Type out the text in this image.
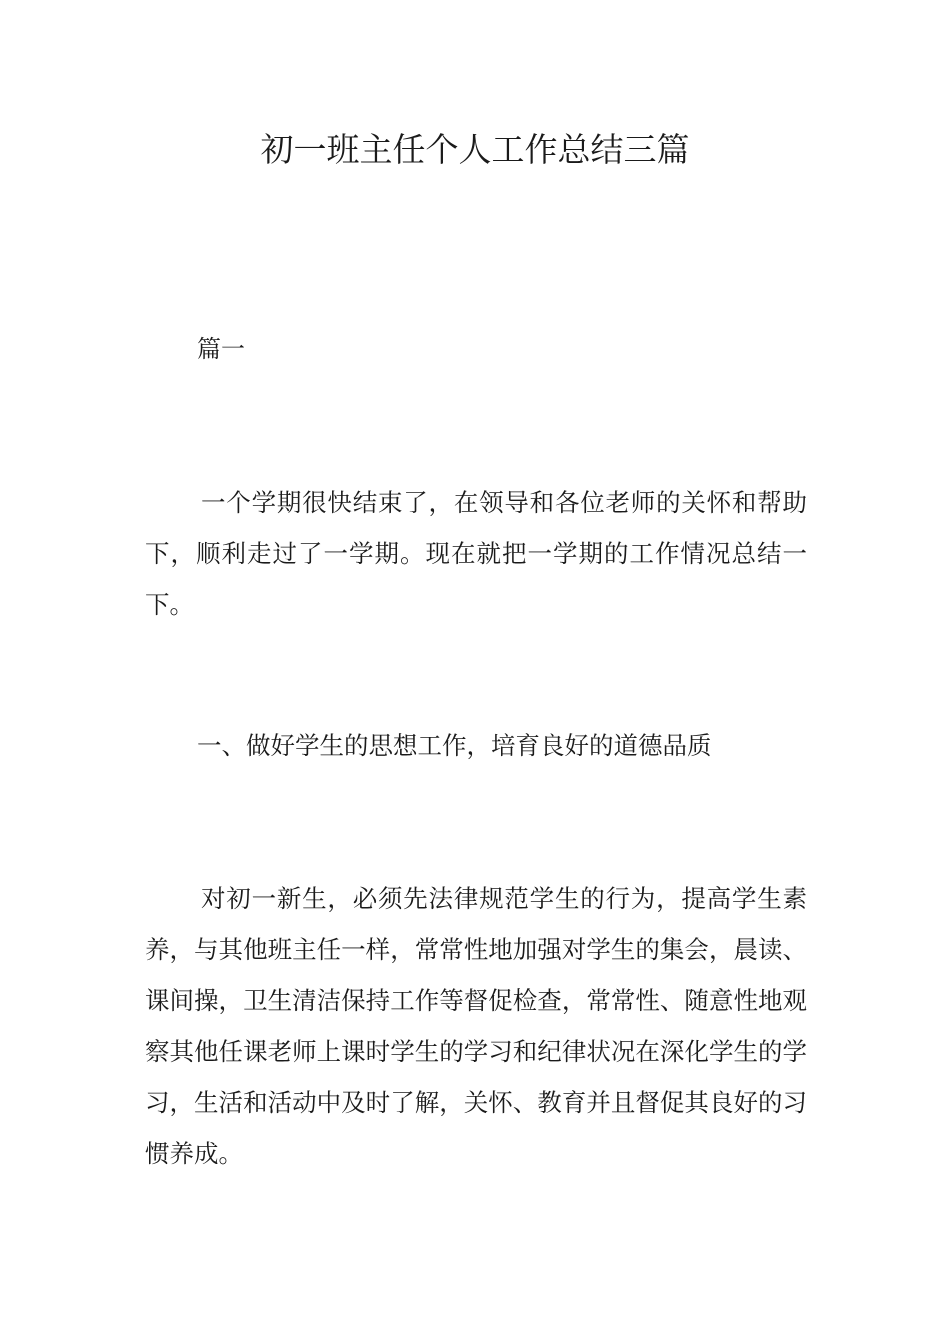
初一班主任个人工作总结三篇

篇一

一个学期很快结束了，在领导和各位老师的关怀和帮助下，顺利走过了一学期。现在就把一学期的工作情况总结一下。

一、做好学生的思想工作，培育良好的道德品质

对初一新生，必须先法律规范学生的行为，提高学生素养，与其他班主任一样，常常性地加强对学生的集会，晨读、课间操，卫生清洁保持工作等督促检查，常常性、随意性地观察其他任课老师上课时学生的学习和纪律状况在深化学生的学习，生活和活动中及时了解，关怀、教育并且督促其良好的习惯养成。
